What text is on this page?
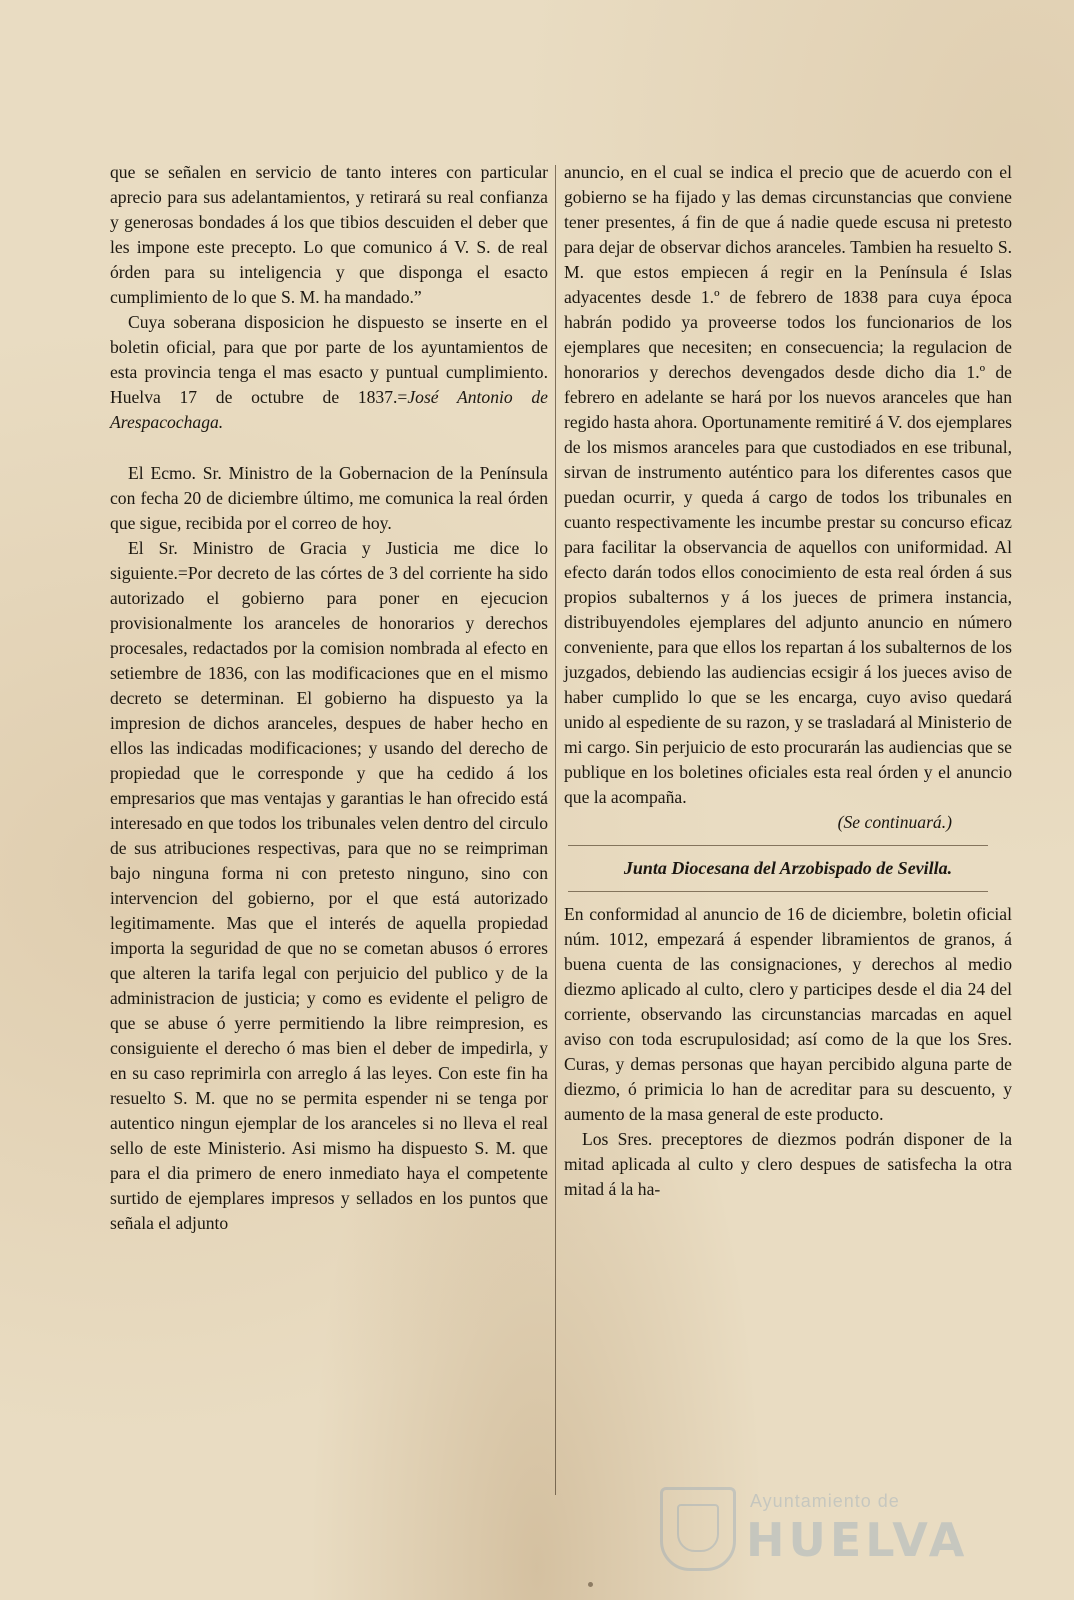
que se señalen en servicio de tanto interes con particular aprecio para sus adelantamientos, y retirará su real confianza y generosas bondades á los que tibios descuiden el deber que les impone este precepto. Lo que comunico á V. S. de real órden para su inteligencia y que disponga el esacto cumplimiento de lo que S. M. ha mandado.”

Cuya soberana disposicion he dispuesto se inserte en el boletin oficial, para que por parte de los ayuntamientos de esta provincia tenga el mas esacto y puntual cumplimiento. Huelva 17 de octubre de 1837.=José Antonio de Arespacochaga.

El Ecmo. Sr. Ministro de la Gobernacion de la Península con fecha 20 de diciembre último, me comunica la real órden que sigue, recibida por el correo de hoy.

El Sr. Ministro de Gracia y Justicia me dice lo siguiente.=Por decreto de las córtes de 3 del corriente ha sido autorizado el gobierno para poner en ejecucion provisionalmente los aranceles de honorarios y derechos procesales, redactados por la comision nombrada al efecto en setiembre de 1836, con las modificaciones que en el mismo decreto se determinan. El gobierno ha dispuesto ya la impresion de dichos aranceles, despues de haber hecho en ellos las indicadas modificaciones; y usando del derecho de propiedad que le corresponde y que ha cedido á los empresarios que mas ventajas y garantias le han ofrecido está interesado en que todos los tribunales velen dentro del circulo de sus atribuciones respectivas, para que no se reimpriman bajo ninguna forma ni con pretesto ninguno, sino con intervencion del gobierno, por el que está autorizado legitimamente. Mas que el interés de aquella propiedad importa la seguridad de que no se cometan abusos ó errores que alteren la tarifa legal con perjuicio del publico y de la administracion de justicia; y como es evidente el peligro de que se abuse ó yerre permitiendo la libre reimpresion, es consiguiente el derecho ó mas bien el deber de impedirla, y en su caso reprimirla con arreglo á las leyes. Con este fin ha resuelto S. M. que no se permita espender ni se tenga por autentico ningun ejemplar de los aranceles si no lleva el real sello de este Ministerio. Asi mismo ha dispuesto S. M. que para el dia primero de enero inmediato haya el competente surtido de ejemplares impresos y sellados en los puntos que señala el adjunto

anuncio, en el cual se indica el precio que de acuerdo con el gobierno se ha fijado y las demas circunstancias que conviene tener presentes, á fin de que á nadie quede escusa ni pretesto para dejar de observar dichos aranceles. Tambien ha resuelto S. M. que estos empiecen á regir en la Península é Islas adyacentes desde 1.º de febrero de 1838 para cuya época habrán podido ya proveerse todos los funcionarios de los ejemplares que necesiten; en consecuencia; la regulacion de honorarios y derechos devengados desde dicho dia 1.º de febrero en adelante se hará por los nuevos aranceles que han regido hasta ahora. Oportunamente remitiré á V. dos ejemplares de los mismos aranceles para que custodiados en ese tribunal, sirvan de instrumento auténtico para los diferentes casos que puedan ocurrir, y queda á cargo de todos los tribunales en cuanto respectivamente les incumbe prestar su concurso eficaz para facilitar la observancia de aquellos con uniformidad. Al efecto darán todos ellos conocimiento de esta real órden á sus propios subalternos y á los jueces de primera instancia, distribuyendoles ejemplares del adjunto anuncio en número conveniente, para que ellos los repartan á los subalternos de los juzgados, debiendo las audiencias ecsigir á los jueces aviso de haber cumplido lo que se les encarga, cuyo aviso quedará unido al espediente de su razon, y se trasladará al Ministerio de mi cargo. Sin perjuicio de esto procurarán las audiencias que se publique en los boletines oficiales esta real órden y el anuncio que la acompaña.

(Se continuará.)

Junta Diocesana del Arzobispado de Sevilla.

En conformidad al anuncio de 16 de diciembre, boletin oficial núm. 1012, empezará á espender libramientos de granos, á buena cuenta de las consignaciones, y derechos al medio diezmo aplicado al culto, clero y participes desde el dia 24 del corriente, observando las circunstancias marcadas en aquel aviso con toda escrupulosidad; así como de la que los Sres. Curas, y demas personas que hayan percibido alguna parte de diezmo, ó primicia lo han de acreditar para su descuento, y aumento de la masa general de este producto.

Los Sres. preceptores de diezmos podrán disponer de la mitad aplicada al culto y clero despues de satisfecha la otra mitad á la ha-

Ayuntamiento de
HUELVA
